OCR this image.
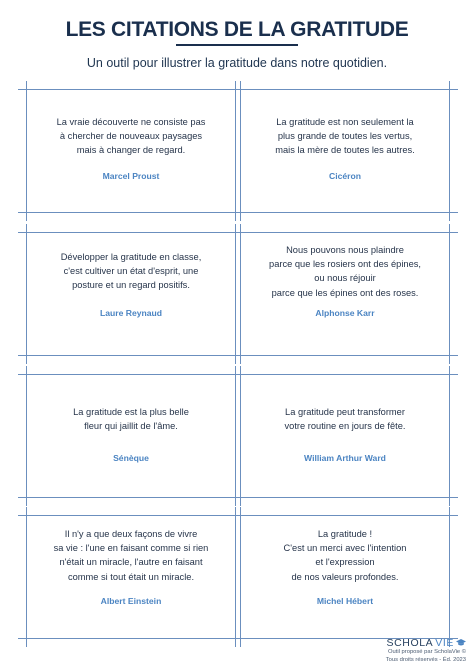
LES CITATIONS DE LA GRATITUDE
Un outil pour illustrer la gratitude dans notre quotidien.
La vraie découverte ne consiste pas
à chercher de nouveaux paysages
mais à changer de regard.
Marcel Proust
La gratitude est non seulement la
plus grande de toutes les vertus,
mais la mère de toutes les autres.
Cicéron
Développer la gratitude en classe,
c'est cultiver un état d'esprit, une
posture et un regard positifs.
Laure Reynaud
Nous pouvons nous plaindre
parce que les rosiers ont des épines,
ou nous réjouir
parce que les épines ont des roses.
Alphonse Karr
La gratitude est la plus belle
fleur qui jaillit de l'âme.
Sénèque
La gratitude peut transformer
votre routine en jours de fête.
William Arthur Ward
Il n'y a que deux façons de vivre
sa vie : l'une en faisant comme si rien
n'était un miracle, l'autre en faisant
comme si tout était un miracle.
Albert Einstein
La gratitude !
C'est un merci avec l'intention
et l'expression
de nos valeurs profondes.
Michel Hébert
SCHOLA VIE
Outil proposé par ScholaVie ©
Tous droits réservés - Éd. 2023
